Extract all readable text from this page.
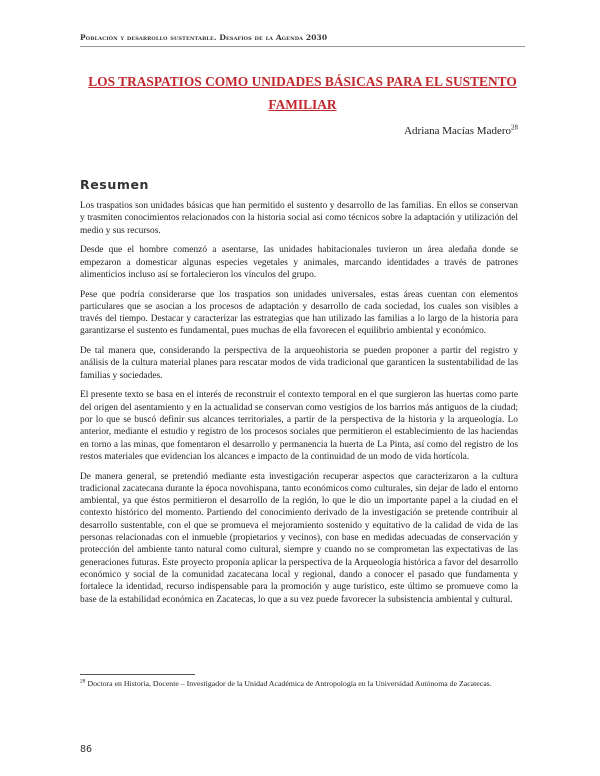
Población y desarrollo sustentable. Desafíos de la Agenda 2030
LOS TRASPATIOS COMO UNIDADES BÁSICAS PARA EL SUSTENTO
FAMILIAR
Adriana Macías Madero$^{28}$
Resumen

Los traspatios son unidades básicas que han permitido el sustento y desarrollo de las familias. En ellos se conservan y trasmiten conocimientos relacionados con la historia social así como técnicos sobre la adaptación y utilización del medio y sus recursos.

Desde que el hombre comenzó a asentarse, las unidades habitacionales tuvieron un área aledaña donde se empezaron a domesticar algunas especies vegetales y animales, marcando identidades a través de patrones alimenticios incluso así se fortalecieron los vínculos del grupo.

Pese que podría considerarse que los traspatios son unidades universales, estas áreas cuentan con elementos particulares que se asocian a los procesos de adaptación y desarrollo de cada sociedad, los cuales son visibles a través del tiempo. Destacar y caracterizar las estrategias que han utilizado las familias a lo largo de la historia para garantizarse el sustento es fundamental, pues muchas de ella favorecen el equilibrio ambiental y económico.

De tal manera que, considerando la perspectiva de la arqueohistoria se pueden proponer a partir del registro y análisis de la cultura material planes para rescatar modos de vida tradicional que garanticen la sustentabilidad de las familias y sociedades.

El presente texto se basa en el interés de reconstruir el contexto temporal en el que surgieron las huertas como parte del origen del asentamiento y en la actualidad se conservan como vestigios de los barrios más antiguos de la ciudad; por lo que se buscó definir sus alcances territoriales, a partir de la perspectiva de la historia y la arqueología. Lo anterior, mediante el estudio y registro de los procesos sociales que permitieron el establecimiento de las haciendas en torno a las minas, que fomentaron el desarrollo y permanencia la huerta de La Pinta, así como del registro de los restos materiales que evidencian los alcances e impacto de la continuidad de un modo de vida hortícola.

De manera general, se pretendió mediante esta investigación recuperar aspectos que caracterizaron a la cultura tradicional zacatecana durante la época novohispana, tanto económicos como culturales, sin dejar de lado el entorno ambiental, ya que éstos permitieron el desarrollo de la región, lo que le dio un importante papel a la ciudad en el contexto histórico del momento. Partiendo del conocimiento derivado de la investigación se pretende contribuir al desarrollo sustentable, con el que se promueva el mejoramiento sostenido y equitativo de la calidad de vida de las personas relacionadas con el inmueble (propietarios y vecinos), con base en medidas adecuadas de conservación y protección del ambiente tanto natural como cultural, siempre y cuando no se comprometan las expectativas de las generaciones futuras. Este proyecto proponía aplicar la perspectiva de la Arqueología histórica a favor del desarrollo económico y social de la comunidad zacatecana local y regional, dando a conocer el pasado que fundamenta y fortalece la identidad, recurso indispensable para la promoción y auge turístico, este último se promueve como la base de la estabilidad económica en Zacatecas, lo que a su vez puede favorecer la subsistencia ambiental y cultural.

$^{28}$ Doctora en Historia, Docente – Investigador de la Unidad Académica de Antropología en la Universidad Autónoma de Zacatecas.
86
